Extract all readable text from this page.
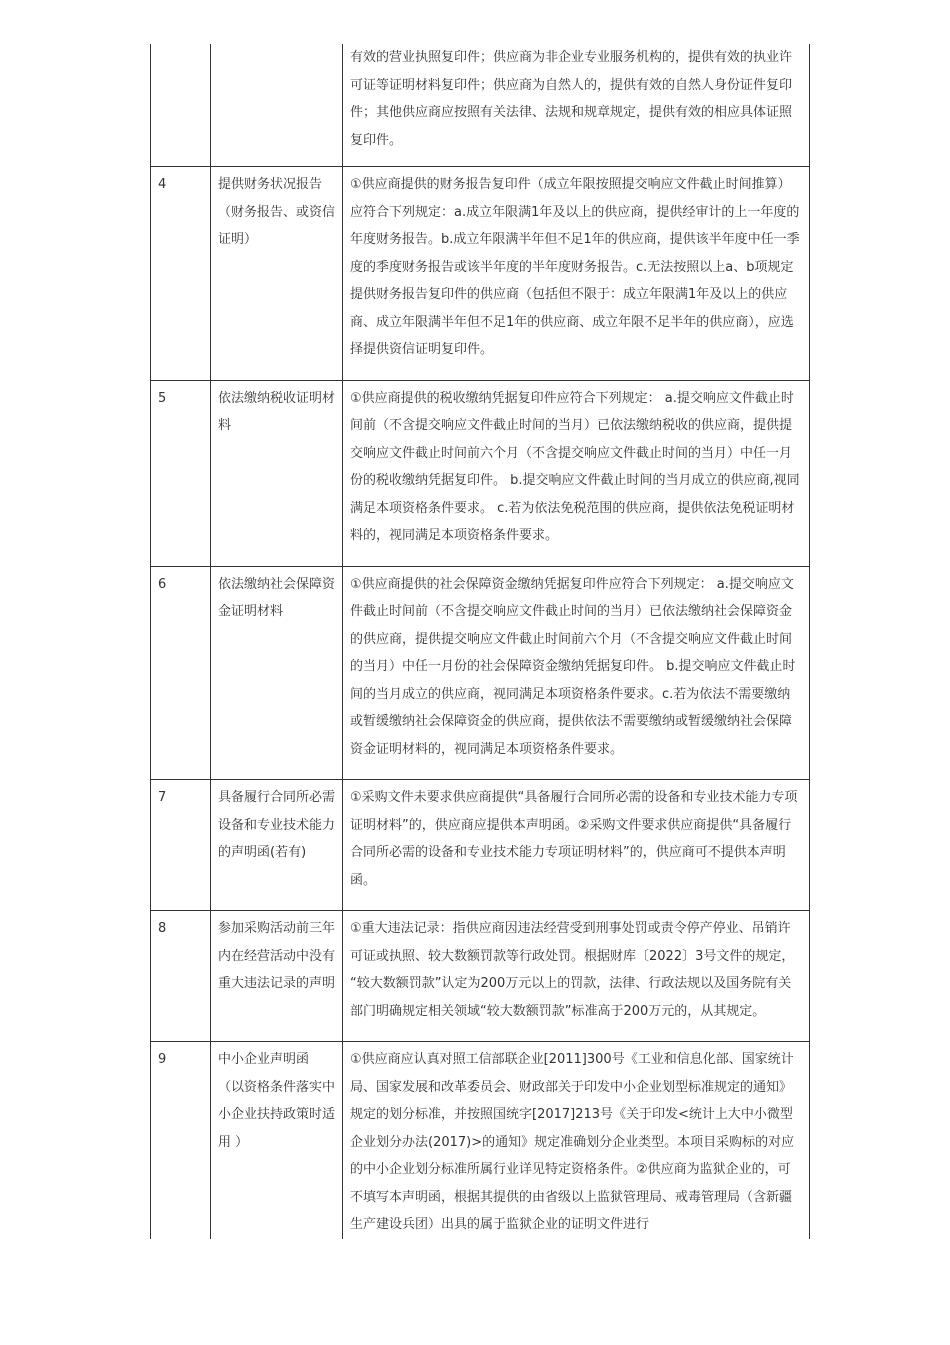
		有效的营业执照复印件；供应商为非企业专业服务机构的，提供有效的执业许可证等证明材料复印件；供应商为自然人的，提供有效的自然人身份证件复印件；其他供应商应按照有关法律、法规和规章规定，提供有效的相应具体证照复印件。
4	提供财务状况报告（财务报告、或资信证明）	①供应商提供的财务报告复印件（成立年限按照提交响应文件截止时间推算）应符合下列规定：a.成立年限满1年及以上的供应商，提供经审计的上一年度的年度财务报告。b.成立年限满半年但不足1年的供应商，提供该半年度中任一季度的季度财务报告或该半年度的半年度财务报告。c.无法按照以上a、b项规定提供财务报告复印件的供应商（包括但不限于：成立年限满1年及以上的供应商、成立年限满半年但不足1年的供应商、成立年限不足半年的供应商），应选择提供资信证明复印件。
5	依法缴纳税收证明材料	①供应商提供的税收缴纳凭据复印件应符合下列规定： a.提交响应文件截止时间前（不含提交响应文件截止时间的当月）已依法缴纳税收的供应商，提供提交响应文件截止时间前六个月（不含提交响应文件截止时间的当月）中任一月份的税收缴纳凭据复印件。 b.提交响应文件截止时间的当月成立的供应商,视同满足本项资格条件要求。 c.若为依法免税范围的供应商，提供依法免税证明材料的，视同满足本项资格条件要求。
6	依法缴纳社会保障资金证明材料	①供应商提供的社会保障资金缴纳凭据复印件应符合下列规定： a.提交响应文件截止时间前（不含提交响应文件截止时间的当月）已依法缴纳社会保障资金的供应商，提供提交响应文件截止时间前六个月（不含提交响应文件截止时间的当月）中任一月份的社会保障资金缴纳凭据复印件。 b.提交响应文件截止时间的当月成立的供应商，视同满足本项资格条件要求。c.若为依法不需要缴纳或暂缓缴纳社会保障资金的供应商，提供依法不需要缴纳或暂缓缴纳社会保障资金证明材料的，视同满足本项资格条件要求。
7	具备履行合同所必需设备和专业技术能力的声明函(若有)	①采购文件未要求供应商提供“具备履行合同所必需的设备和专业技术能力专项证明材料”的，供应商应提供本声明函。②采购文件要求供应商提供“具备履行合同所必需的设备和专业技术能力专项证明材料”的，供应商可不提供本声明函。
8	参加采购活动前三年内在经营活动中没有重大违法记录的声明	①重大违法记录：指供应商因违法经营受到刑事处罚或责令停产停业、吊销许可证或执照、较大数额罚款等行政处罚。根据财库〔2022〕3号文件的规定， “较大数额罚款”认定为200万元以上的罚款，法律、行政法规以及国务院有关部门明确规定相关领域“较大数额罚款”标准高于200万元的，从其规定。
9	中小企业声明函 （以资格条件落实中小企业扶持政策时适用 ）	①供应商应认真对照工信部联企业[2011]300号《工业和信息化部、国家统计局、国家发展和改革委员会、财政部关于印发中小企业划型标准规定的通知》规定的划分标准，并按照国统字[2017]213号《关于印发<统计上大中小微型企业划分办法(2017)>的通知》规定准确划分企业类型。本项目采购标的对应的中小企业划分标准所属行业详见特定资格条件。②供应商为监狱企业的，可不填写本声明函，根据其提供的由省级以上监狱管理局、戒毒管理局（含新疆生产建设兵团）出具的属于监狱企业的证明文件进行
